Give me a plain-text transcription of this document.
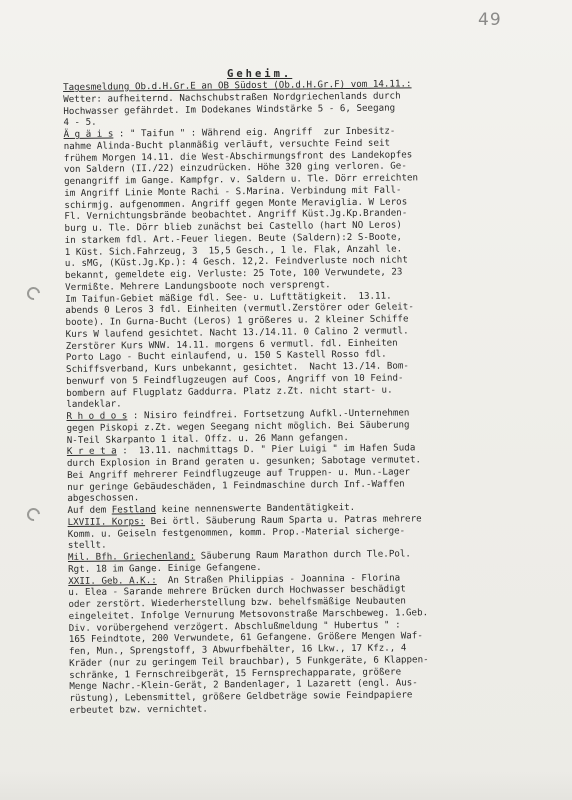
49
Geheim.
Tagesmeldung Ob.d.H.Gr.E an OB Südost (Ob.d.H.Gr.F) vom 14.11.:
Wetter: aufheiternd. Nachschubstraßen Nordgriechenlands durch
Hochwasser gefährdet. Im Dodekanes Windstärke 5 - 6, Seegang
4 - 5.
Ä g ä i s : " Taifun " : Während eig. Angriff  zur Inbesitz-
nahme Alinda-Bucht planmäßig verläuft, versuchte Feind seit
frühem Morgen 14.11. die West-Abschirmungsfront des Landekopfes
von Saldern (II./22) einzudrücken. Höhe 320 ging verloren. Ge-
genangriff im Gange. Kampfgr. v. Saldern u. Tle. Dörr erreichten
im Angriff Linie Monte Rachi - S.Marina. Verbindung mit Fall-
schirmjg. aufgenommen. Angriff gegen Monte Meraviglia. W Leros
Fl. Vernichtungsbrände beobachtet. Angriff Küst.Jg.Kp.Branden-
burg u. Tle. Dörr blieb zunächst bei Castello (hart NO Leros)
in starkem fdl. Art.-Feuer liegen. Beute (Saldern):2 S-Boote,
1 Küst. Sich.Fahrzeug, 3  15,5 Gesch., 1 le. Flak, Anzahl le.
u. sMG, (Küst.Jg.Kp.): 4 Gesch. 12,2. Feindverluste noch nicht
bekannt, gemeldete eig. Verluste: 25 Tote, 100 Verwundete, 23
Vermißte. Mehrere Landungsboote noch versprengt.
Im Taifun-Gebiet mäßige fdl. See- u. Lufttätigkeit.  13.11.
abends 0 Leros 3 fdl. Einheiten (vermutl.Zerstörer oder Geleit-
boote). In Gurna-Bucht (Leros) 1 größeres u. 2 kleiner Schiffe
Kurs W laufend gesichtet. Nacht 13./14.11. 0 Calino 2 vermutl.
Zerstörer Kurs WNW. 14.11. morgens 6 vermutl. fdl. Einheiten
Porto Lago - Bucht einlaufend, u. 150 S Kastell Rosso fdl.
Schiffsverband, Kurs unbekannt, gesichtet.  Nacht 13./14. Bom-
benwurf von 5 Feindflugzeugen auf Coos, Angriff von 10 Feind-
bombern auf Flugplatz Gaddurra. Platz z.Zt. nicht start- u.
landeklar.
R h o d o s : Nisiro feindfrei. Fortsetzung Aufkl.-Unternehmen
gegen Piskopi z.Zt. wegen Seegang nicht möglich. Bei Säuberung
N-Teil Skarpanto 1 ital. Offz. u. 26 Mann gefangen.
K r e t a :  13.11. nachmittags D. " Pier Luigi " im Hafen Suda
durch Explosion in Brand geraten u. gesunken; Sabotage vermutet.
Bei Angriff mehrerer Feindflugzeuge auf Truppen- u. Mun.-Lager
nur geringe Gebäudeschäden, 1 Feindmaschine durch Inf.-Waffen
abgeschossen.
Auf dem Festland keine nennenswerte Bandentätigkeit.
LXVIII. Korps: Bei örtl. Säuberung Raum Sparta u. Patras mehrere
Komm. u. Geiseln festgenommen, komm. Prop.-Material sicherge-
stellt.
Mil. Bfh. Griechenland: Säuberung Raum Marathon durch Tle.Pol.
Rgt. 18 im Gange. Einige Gefangene.
XXII. Geb. A.K.:  An Straßen Philippias - Joannina - Florina
u. Elea - Sarande mehrere Brücken durch Hochwasser beschädigt
oder zerstört. Wiederherstellung bzw. behelfsmäßige Neubauten
eingeleitet. Infolge Vernurung Metsovonstraße Marschbeweg. 1.Geb.
Div. vorübergehend verzögert. Abschlußmeldung " Hubertus " :
165 Feindtote, 200 Verwundete, 61 Gefangene. Größere Mengen Waf-
fen, Mun., Sprengstoff, 3 Abwurfbehälter, 16 Lkw., 17 Kfz., 4
Kräder (nur zu geringem Teil brauchbar), 5 Funkgeräte, 6 Klappen-
schränke, 1 Fernschreibgerät, 15 Fernsprechapparate, größere
Menge Nachr.-Klein-Gerät, 2 Bandenlager, 1 Lazarett (engl. Aus-
rüstung), Lebensmittel, größere Geldbeträge sowie Feindpapiere
erbeutet bzw. vernichtet.
